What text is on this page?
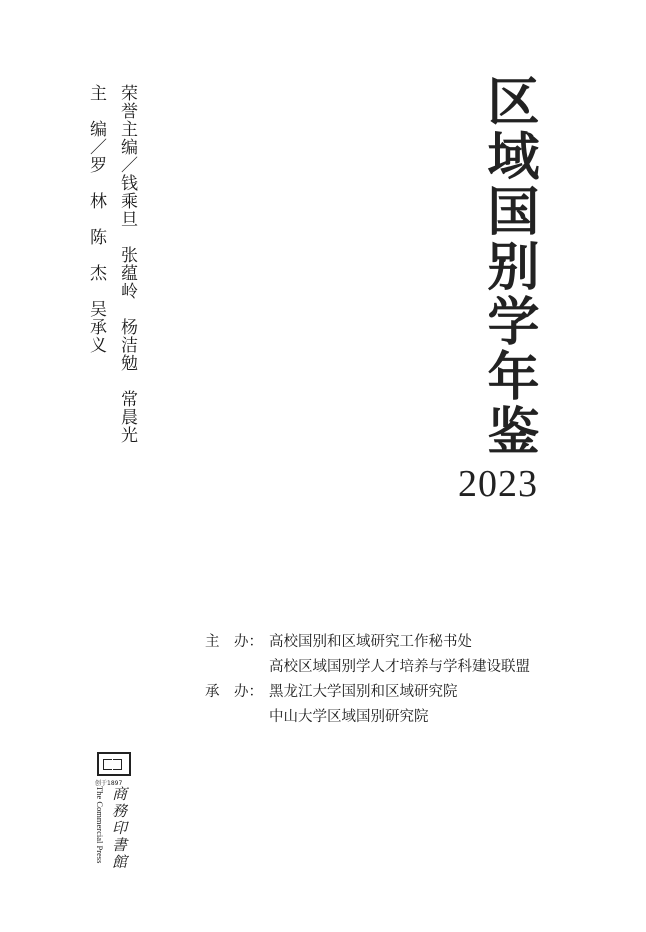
荣誉主编／钱乘旦　张蕴岭　杨洁勉　常晨光
主　编／罗　林　陈　杰　吴承义	区域国别学年鉴
2023
主　办： 高校国别和区域研究工作秘书处
高校区域国别学人才培养与学科建设联盟
承　办： 黑龙江大学国别和区域研究院
中山大学区域国别研究院
创于1897
The Commercial Press 商務印書館
